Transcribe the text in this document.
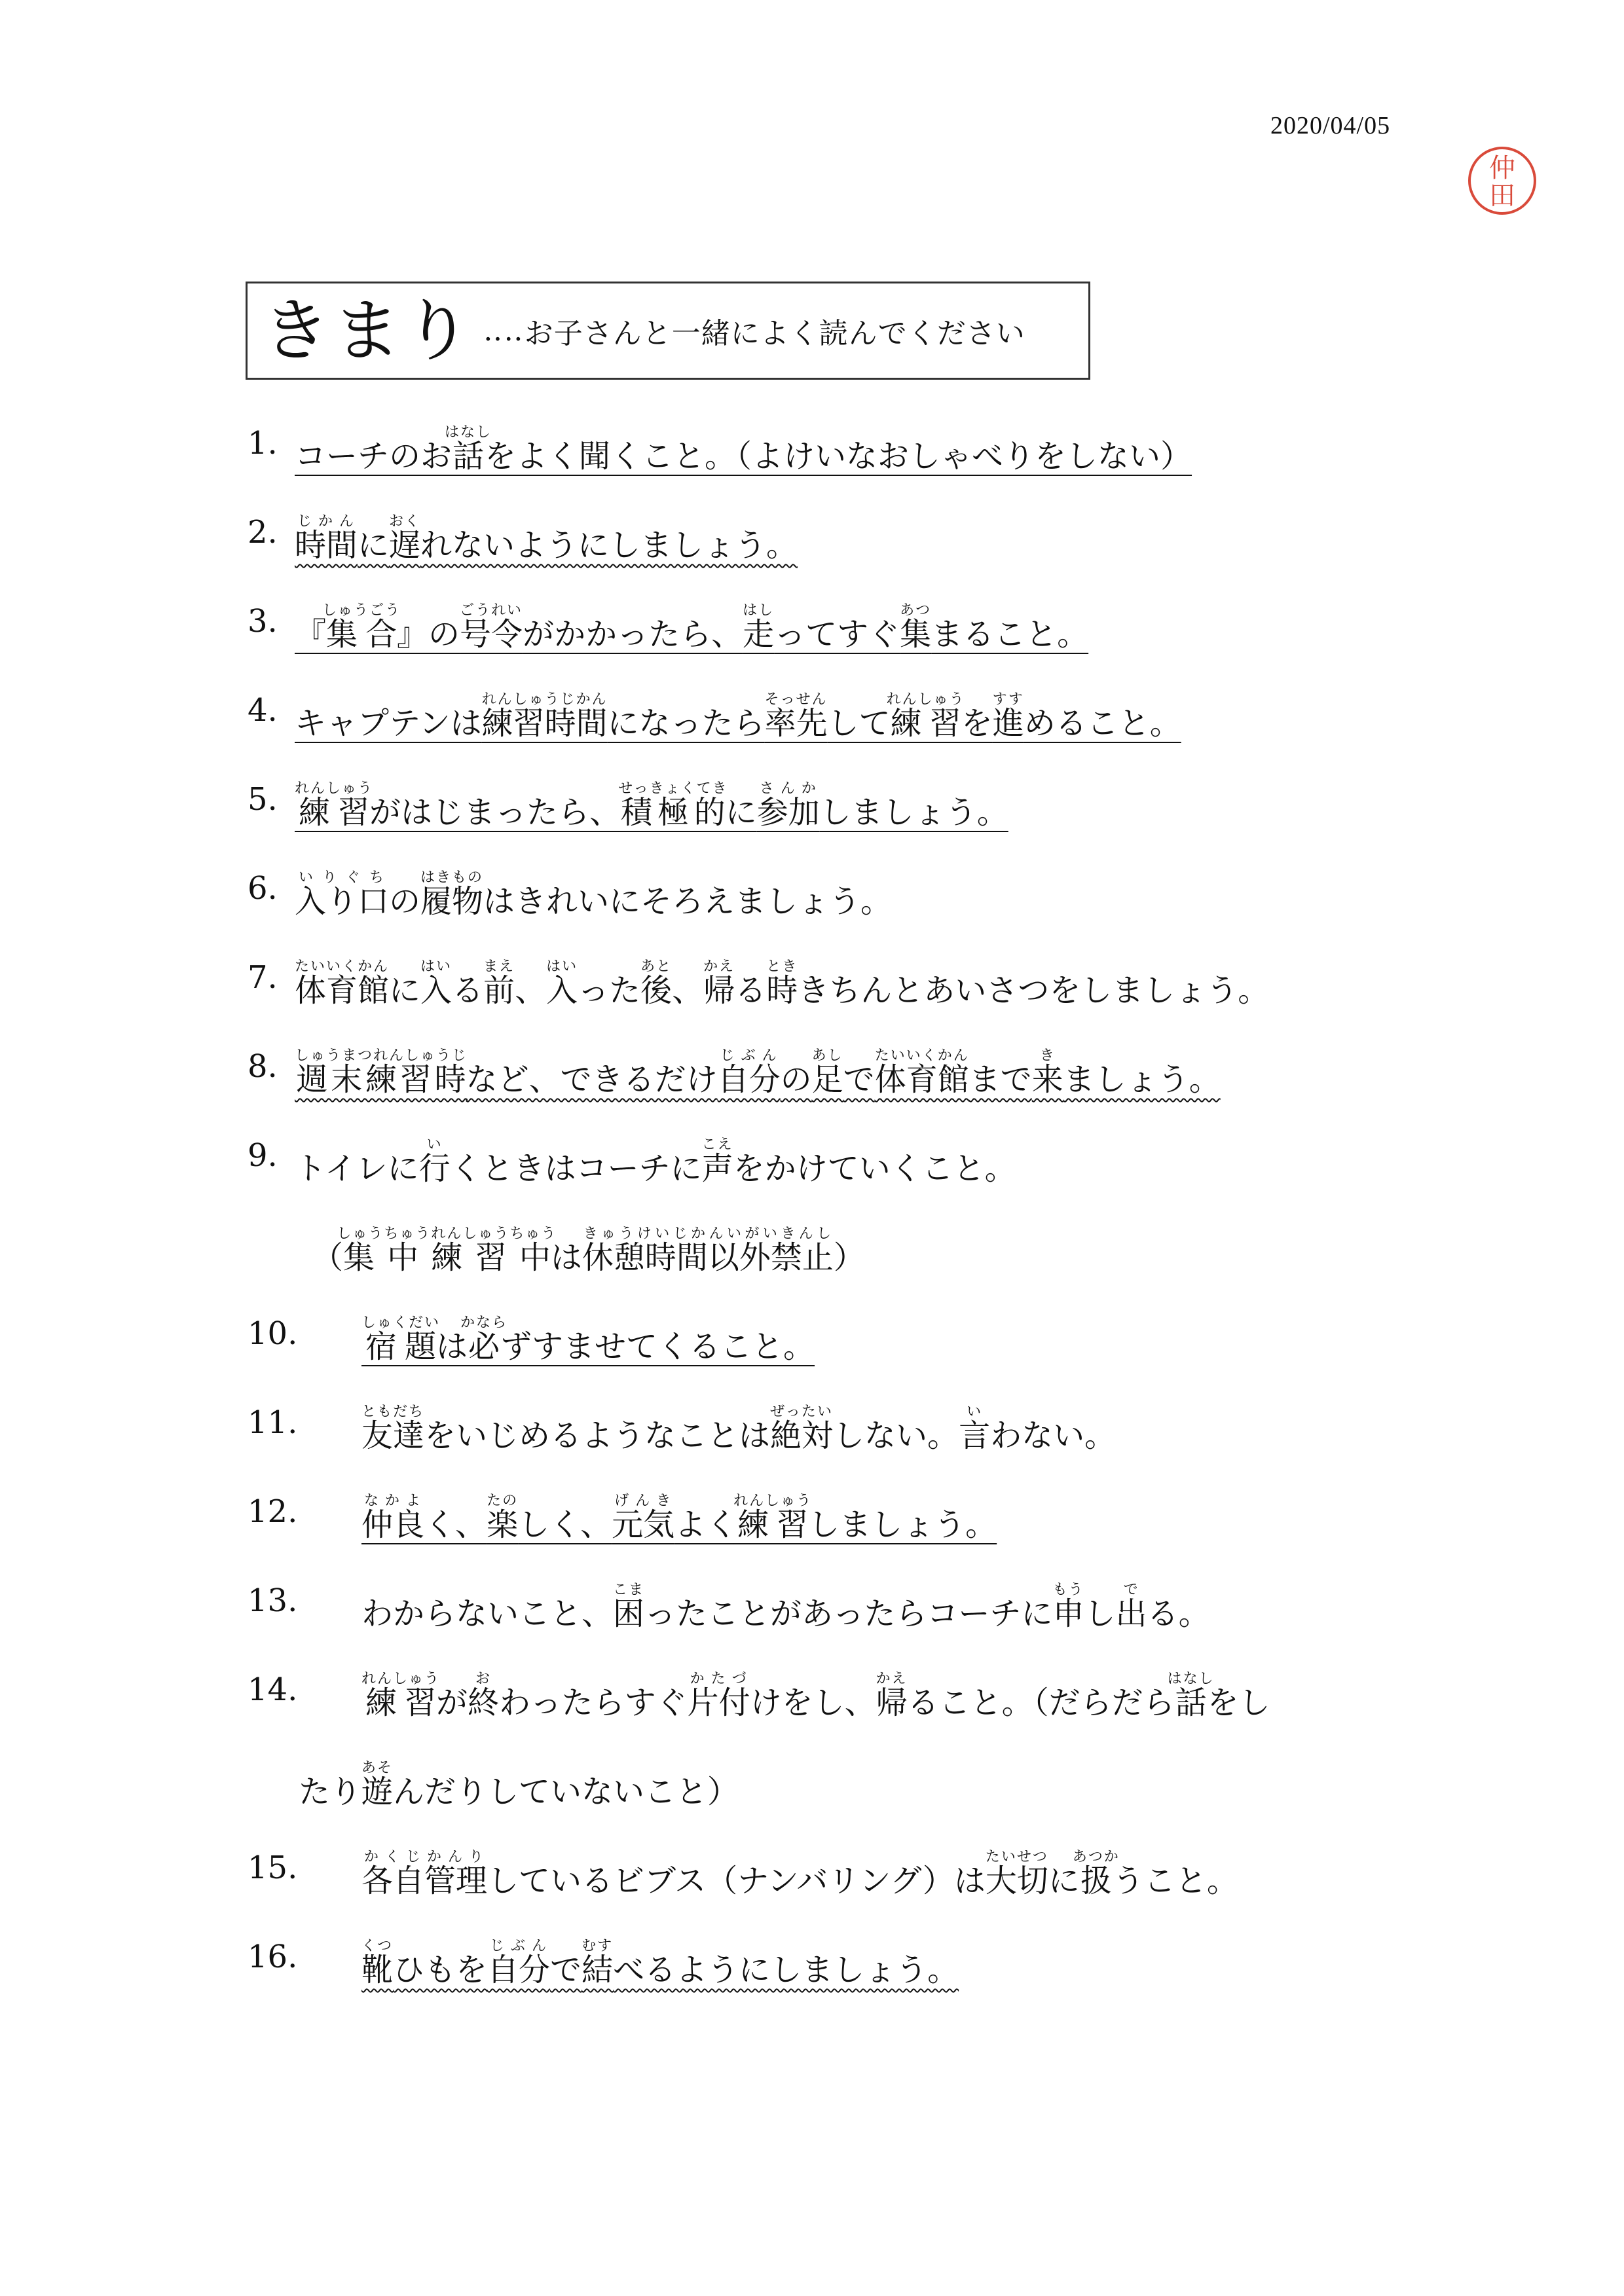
2020/04/05
仲
田
きまり ‥‥ お子さんと一緒によく読んでください
1. コーチのお話はなしをよく聞くこと。（よけいなおしゃべりをしない）
2. 時間じかんに遅おくれないようにしましょう。
3. 『集合しゅうごう』の号令ごうれいがかかったら、走はしってすぐ集あつまること。
4. キャプテンは練習時間れんしゅうじかんになったら率先そっせんして練習れんしゅうを進すすめること。
5. 練習れんしゅうがはじまったら、積極的せっきょくてきに参加さんかしましょう。
6. 入り口いりぐちの履物はきものはきれいにそろえましょう。
7. 体育館たいいくかんに入はいる前まえ、入はいった後あと、帰かえる時とききちんとあいさつをしましょう。
8. 週末練習時しゅうまつれんしゅうじなど、できるだけ自分じぶんの足あしで体育館たいいくかんまで来きましょう。
9. トイレに行いくときはコーチに声こえをかけていくこと。
（集中練習中しゅうちゅうれんしゅうちゅうは休憩時間以外禁止きゅうけいじかんいがいきんし）
10. 宿題しゅくだいは必かならずすませてくること。
11. 友達ともだちをいじめるようなことは絶対ぜったいしない。言いわない。
12. 仲良なかよく、楽たのしく、元気げんきよく練習れんしゅうしましょう。
13. わからないこと、困こまったことがあったらコーチに申もうし出でる。
14. 練習れんしゅうが終おわったらすぐ片付かたづけをし、帰かえること。（だらだら話はなしをし
たり遊あそんだりしていないこと）
15. 各自管理かくじかんりしているビブス（ナンバリング）は大切たいせつに扱あつかうこと。
16. 靴くつひもを自分じぶんで結むすべるようにしましょう。
